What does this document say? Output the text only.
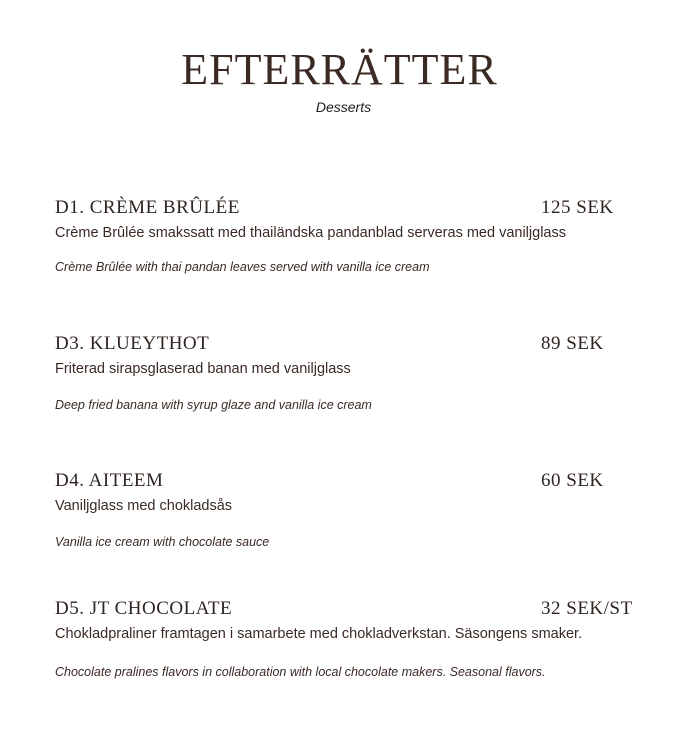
EFTERRÄTTER
Desserts
D1. CRÈME BRÛLÉE	125 SEK
Crème Brûlée smakssatt med thailändska pandanblad serveras med vaniljglass
Crème Brûlée with thai pandan leaves served with vanilla ice cream
D3. KLUEYTHOT	89 SEK
Friterad sirapsglaserad banan med vaniljglass
Deep fried banana with syrup glaze and vanilla ice cream
D4. AITEEM	60 SEK
Vaniljglass med chokladsås
Vanilla ice cream with chocolate sauce
D5. JT CHOCOLATE	32 SEK/ST
Chokladpraliner framtagen i samarbete med chokladverkstan. Säsongens smaker.
Chocolate pralines flavors in collaboration with local chocolate makers. Seasonal flavors.
